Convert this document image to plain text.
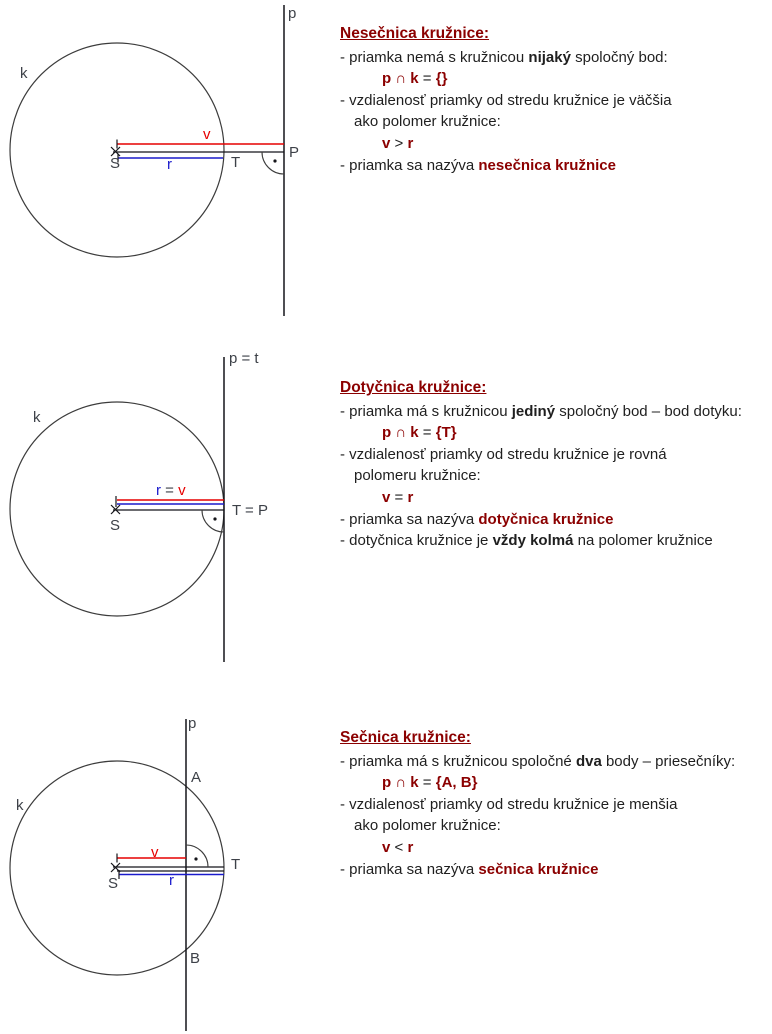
p
k
v
S	r	T
P
p = t
k
r = v
S
T = P
p
A
k
v
S	r
T
B
Nesečnica kružnice:
- priamka nemá s kružnicou nijaký spoločný bod:
p ∩ k = {}
- vzdialenosť priamky od stredu kružnice je väčšia
ako polomer kružnice:
v > r
- priamka sa nazýva nesečnica kružnice
Dotyčnica kružnice:
- priamka má s kružnicou jediný spoločný bod – bod dotyku:
p ∩ k = {T}
- vzdialenosť priamky od stredu kružnice je rovná
polomeru kružnice:
v = r
- priamka sa nazýva dotyčnica kružnice
- dotyčnica kružnice je vždy kolmá na polomer kružnice
Sečnica kružnice:
- priamka má s kružnicou spoločné dva body – priesečníky:
p ∩ k = {A, B}
- vzdialenosť priamky od stredu kružnice je menšia
ako polomer kružnice:
v < r
- priamka sa nazýva sečnica kružnice
